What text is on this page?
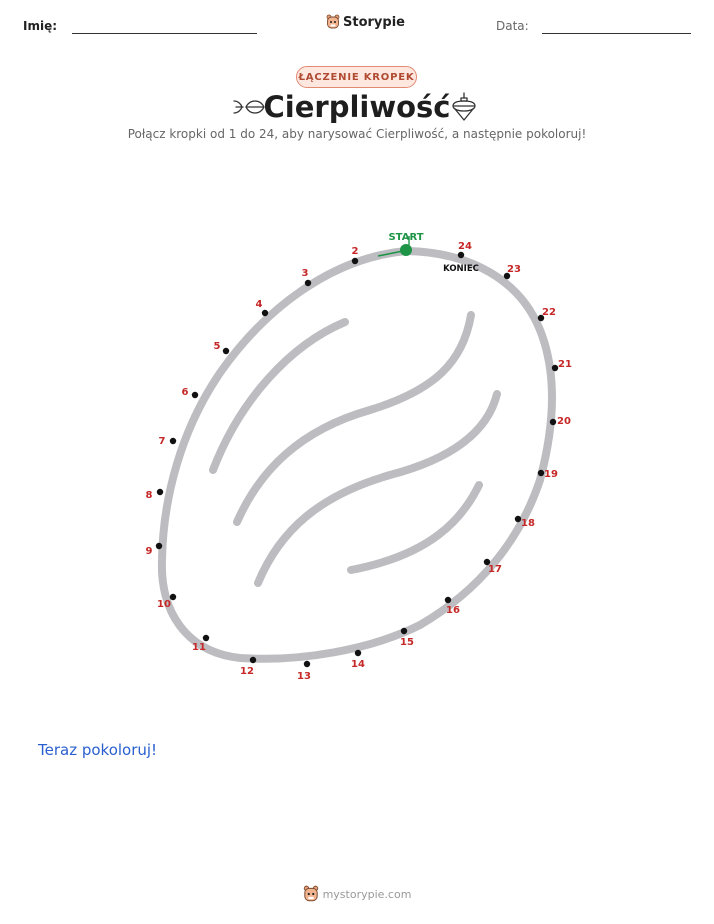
Imię:	Storypie	Data:
ŁĄCZENIE KROPEK
Cierpliwość
Połącz kropki od 1 do 24, aby narysować Cierpliwość, a następnie pokoloruj!
START
KONIEC
2
3
4
5
6
7
8
9
10
11
12	13
14
15
16
17
18
19
20
21
22
23
24
Teraz pokoloruj!
mystorypie.com
